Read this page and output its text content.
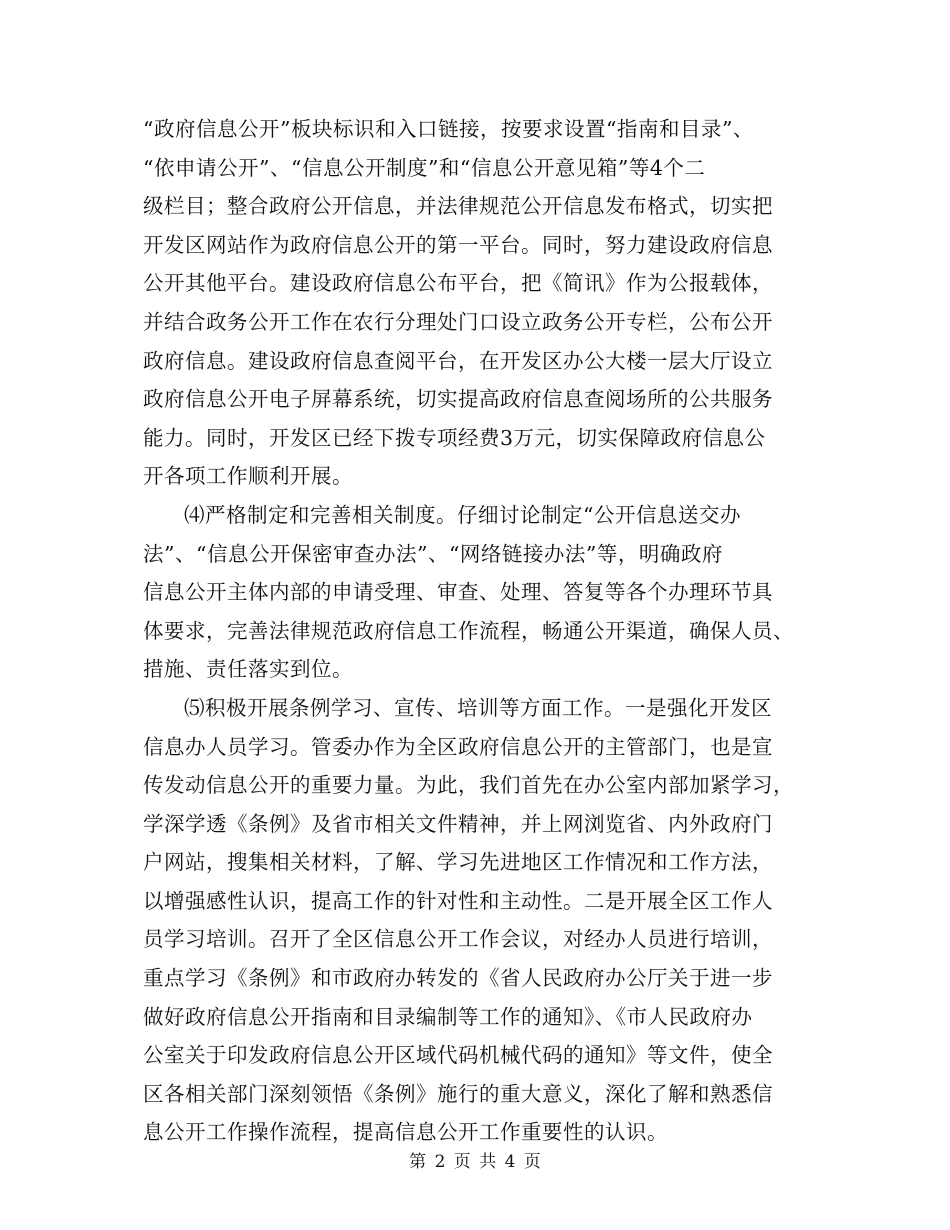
“政府信息公开”板块标识和入口链接，按要求设置“指南和目录”、
“依申请公开”、“信息公开制度”和“信息公开意见箱”等4个二
级栏目；整合政府公开信息，并法律规范公开信息发布格式，切实把
开发区网站作为政府信息公开的第一平台。同时，努力建设政府信息
公开其他平台。建设政府信息公布平台，把《简讯》作为公报载体，
并结合政务公开工作在农行分理处门口设立政务公开专栏，公布公开
政府信息。建设政府信息查阅平台，在开发区办公大楼一层大厅设立
政府信息公开电子屏幕系统，切实提高政府信息查阅场所的公共服务
能力。同时，开发区已经下拨专项经费3万元，切实保障政府信息公
开各项工作顺利开展。

⑷严格制定和完善相关制度。仔细讨论制定“公开信息送交办
法”、“信息公开保密审查办法”、“网络链接办法”等，明确政府
信息公开主体内部的申请受理、审查、处理、答复等各个办理环节具
体要求，完善法律规范政府信息工作流程，畅通公开渠道，确保人员、
措施、责任落实到位。

⑸积极开展条例学习、宣传、培训等方面工作。一是强化开发区
信息办人员学习。管委办作为全区政府信息公开的主管部门，也是宣
传发动信息公开的重要力量。为此，我们首先在办公室内部加紧学习，
学深学透《条例》及省市相关文件精神，并上网浏览省、内外政府门
户网站，搜集相关材料，了解、学习先进地区工作情况和工作方法，
以增强感性认识，提高工作的针对性和主动性。二是开展全区工作人
员学习培训。召开了全区信息公开工作会议，对经办人员进行培训，
重点学习《条例》和市政府办转发的《省人民政府办公厅关于进一步
做好政府信息公开指南和目录编制等工作的通知》、《市人民政府办
公室关于印发政府信息公开区域代码机械代码的通知》等文件，使全
区各相关部门深刻领悟《条例》施行的重大意义，深化了解和熟悉信
息公开工作操作流程，提高信息公开工作重要性的认识。

第 2 页 共 4 页
